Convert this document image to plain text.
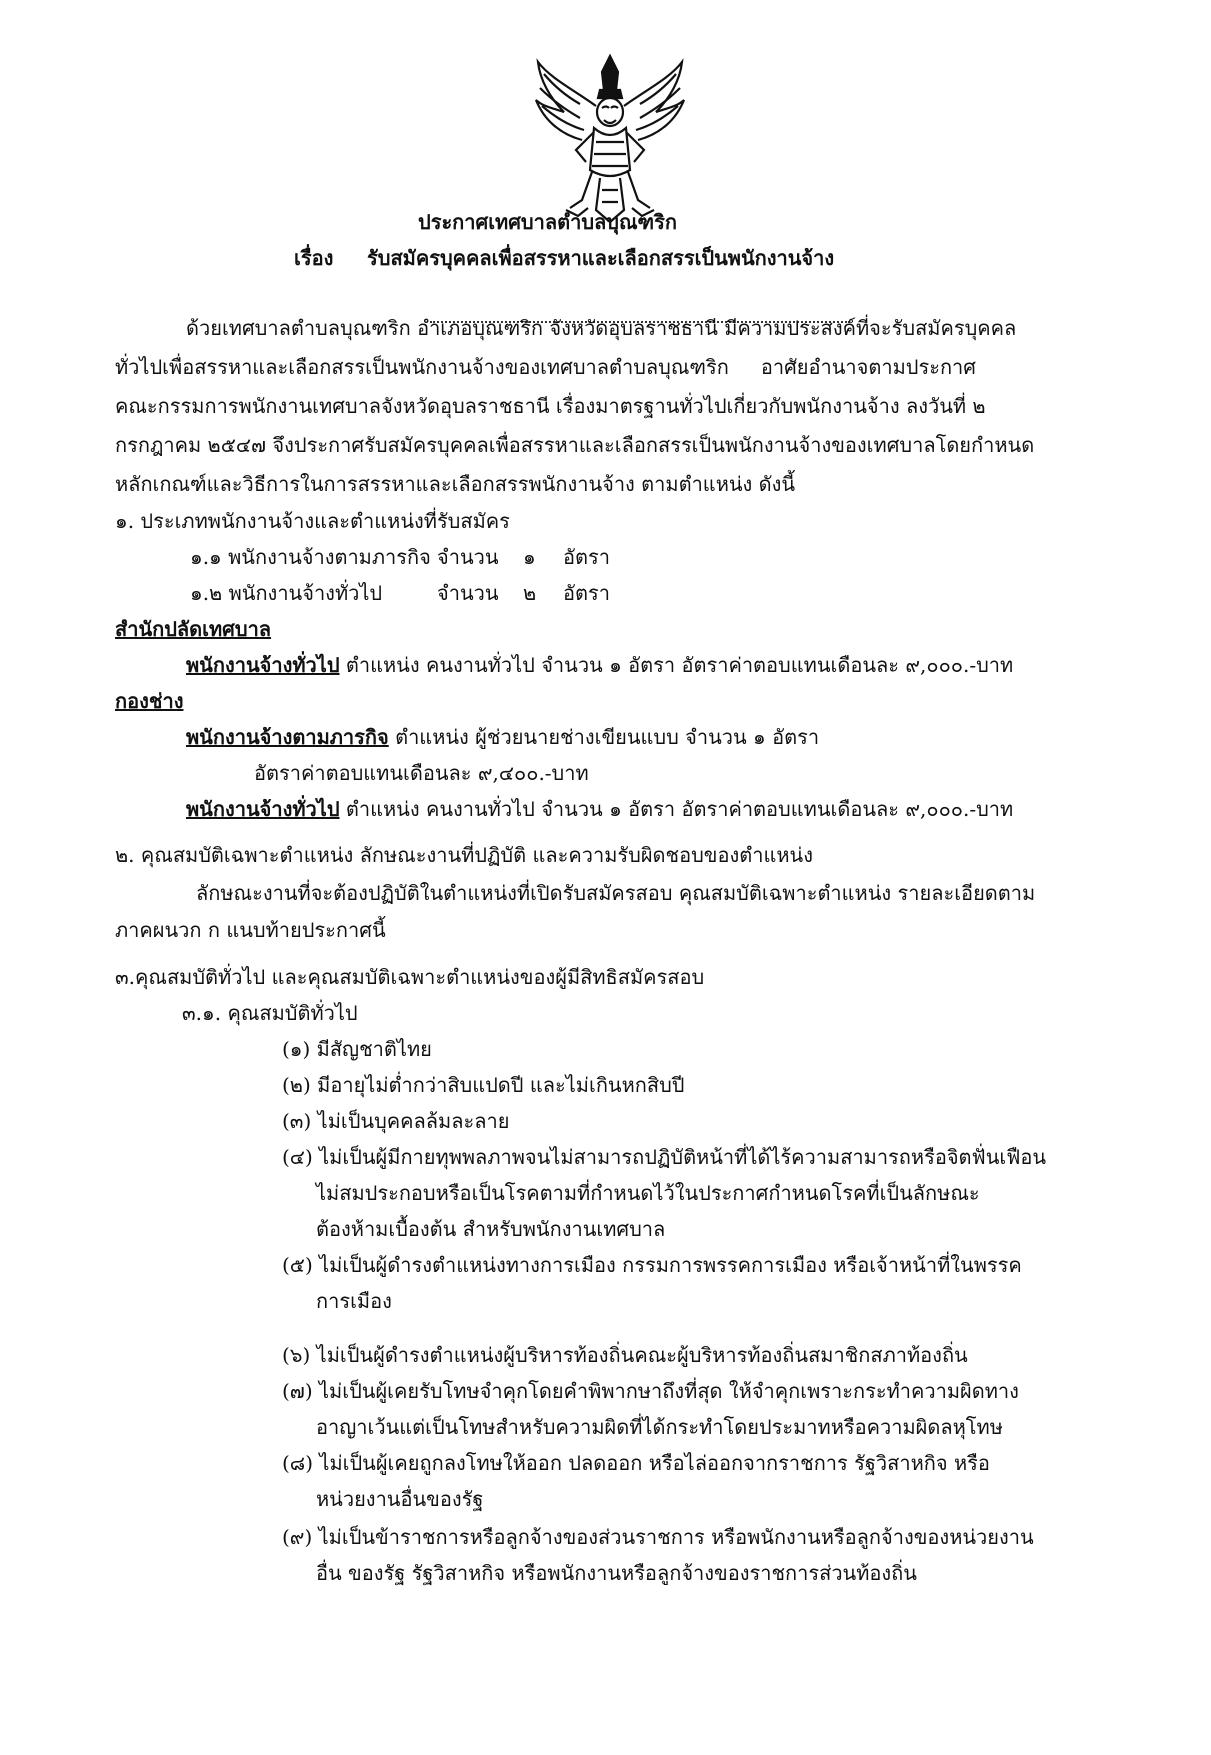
ประกาศเทศบาลตำบลบุณฑริก
เรื่อง รับสมัครบุคคลเพื่อสรรหาและเลือกสรรเป็นพนักงานจ้าง
ด้วยเทศบาลตำบลบุณฑริก อำเภอบุณฑริก จังหวัดอุบลราชธานี มีความประสงค์ที่จะรับสมัครบุคคล
ทั่วไปเพื่อสรรหาและเลือกสรรเป็นพนักงานจ้างของเทศบาลตำบลบุณฑริก อาศัยอำนาจตามประกาศ
คณะกรรมการพนักงานเทศบาลจังหวัดอุบลราชธานี เรื่องมาตรฐานทั่วไปเกี่ยวกับพนักงานจ้าง ลงวันที่ ๒
กรกฎาคม ๒๕๔๗ จึงประกาศรับสมัครบุคคลเพื่อสรรหาและเลือกสรรเป็นพนักงานจ้างของเทศบาลโดยกำหนด
หลักเกณฑ์และวิธีการในการสรรหาและเลือกสรรพนักงานจ้าง ตามตำแหน่ง ดังนี้
๑. ประเภทพนักงานจ้างและตำแหน่งที่รับสมัคร
๑.๑ พนักงานจ้างตามภารกิจ จำนวน ๑ อัตรา
๑.๒ พนักงานจ้างทั่วไป	จำนวน ๒ อัตรา
สำนักปลัดเทศบาล
พนักงานจ้างทั่วไป ตำแหน่ง คนงานทั่วไป จำนวน ๑ อัตรา อัตราค่าตอบแทนเดือนละ ๙,๐๐๐.-บาท
กองช่าง
พนักงานจ้างตามภารกิจ ตำแหน่ง ผู้ช่วยนายช่างเขียนแบบ จำนวน ๑ อัตรา
อัตราค่าตอบแทนเดือนละ ๙,๔๐๐.-บาท
พนักงานจ้างทั่วไป ตำแหน่ง คนงานทั่วไป จำนวน ๑ อัตรา อัตราค่าตอบแทนเดือนละ ๙,๐๐๐.-บาท
๒. คุณสมบัติเฉพาะตำแหน่ง ลักษณะงานที่ปฏิบัติ และความรับผิดชอบของตำแหน่ง
ลักษณะงานที่จะต้องปฏิบัติในตำแหน่งที่เปิดรับสมัครสอบ คุณสมบัติเฉพาะตำแหน่ง รายละเอียดตาม
ภาคผนวก ก แนบท้ายประกาศนี้
๓.คุณสมบัติทั่วไป และคุณสมบัติเฉพาะตำแหน่งของผู้มีสิทธิสมัครสอบ
๓.๑. คุณสมบัติทั่วไป
(๑) มีสัญชาติไทย
(๒) มีอายุไม่ต่ำกว่าสิบแปดปี และไม่เกินหกสิบปี
(๓) ไม่เป็นบุคคลล้มละลาย
(๔) ไม่เป็นผู้มีกายทุพพลภาพจนไม่สามารถปฏิบัติหน้าที่ได้ไร้ความสามารถหรือจิตฟั่นเฟือน
ไม่สมประกอบหรือเป็นโรคตามที่กำหนดไว้ในประกาศกำหนดโรคที่เป็นลักษณะ
ต้องห้ามเบื้องต้น สำหรับพนักงานเทศบาล
(๕) ไม่เป็นผู้ดำรงตำแหน่งทางการเมือง กรรมการพรรคการเมือง หรือเจ้าหน้าที่ในพรรค
การเมือง
(๖) ไม่เป็นผู้ดำรงตำแหน่งผู้บริหารท้องถิ่นคณะผู้บริหารท้องถิ่นสมาชิกสภาท้องถิ่น
(๗) ไม่เป็นผู้เคยรับโทษจำคุกโดยคำพิพากษาถึงที่สุด ให้จำคุกเพราะกระทำความผิดทาง
อาญาเว้นแต่เป็นโทษสำหรับความผิดที่ได้กระทำโดยประมาทหรือความผิดลหุโทษ
(๘) ไม่เป็นผู้เคยถูกลงโทษให้ออก ปลดออก หรือไล่ออกจากราชการ รัฐวิสาหกิจ หรือ
หน่วยงานอื่นของรัฐ
(๙) ไม่เป็นข้าราชการหรือลูกจ้างของส่วนราชการ หรือพนักงานหรือลูกจ้างของหน่วยงาน
อื่น ของรัฐ รัฐวิสาหกิจ หรือพนักงานหรือลูกจ้างของราชการส่วนท้องถิ่น
